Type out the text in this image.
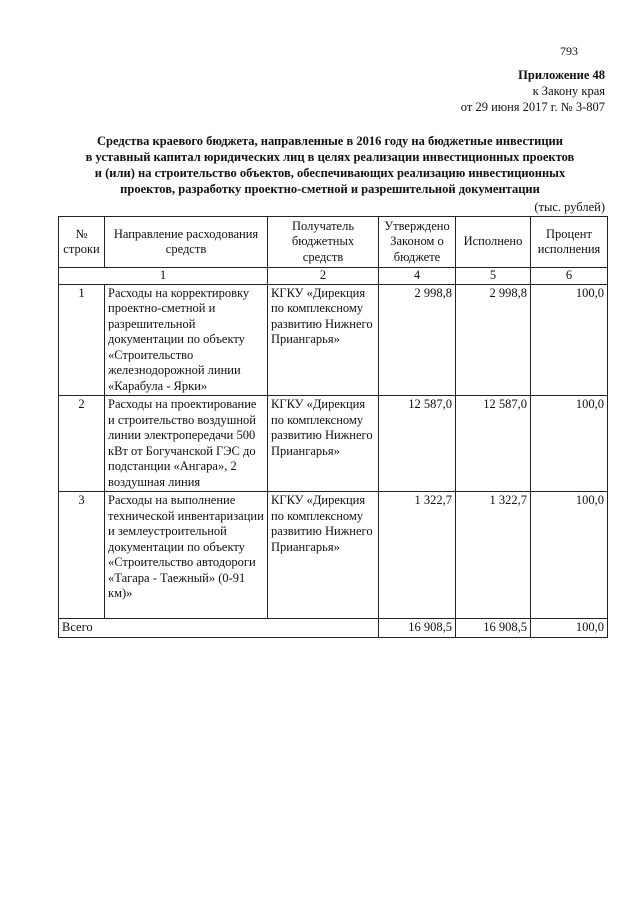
793
Приложение 48
к Закону края
от 29 июня 2017 г. № 3-807
Средства краевого бюджета, направленные в 2016 году на бюджетные инвестиции
в уставный капитал юридических лиц в целях реализации инвестиционных проектов
и (или) на строительство объектов, обеспечивающих реализацию инвестиционных
проектов, разработку проектно-сметной и разрешительной документации
(тыс. рублей)
№ строки	Направление расходования средств	Получатель бюджетных средств	Утверждено Законом о бюджете	Исполнено	Процент исполнения
1		2	4	5	6
1	Расходы на корректировку проектно-сметной и разрешительной документации по объекту «Строительство железнодорожной линии «Карабула - Ярки»	КГКУ «Дирекция по комплексному развитию Нижнего Приангарья»	2 998,8	2 998,8	100,0
2	Расходы на проектирование и строительство воздушной линии электропередачи 500 кВт от Богучанской ГЭС до подстанции «Ангара», 2 воздушная линия	КГКУ «Дирекция по комплексному развитию Нижнего Приангарья»	12 587,0	12 587,0	100,0
3	Расходы на выполнение технической инвентаризации и землеустроительной документации по объекту «Строительство автодороги «Тагара - Таежный» (0-91 км)»	КГКУ «Дирекция по комплексному развитию Нижнего Приангарья»	1 322,7	1 322,7	100,0
Всего			16 908,5	16 908,5	100,0
